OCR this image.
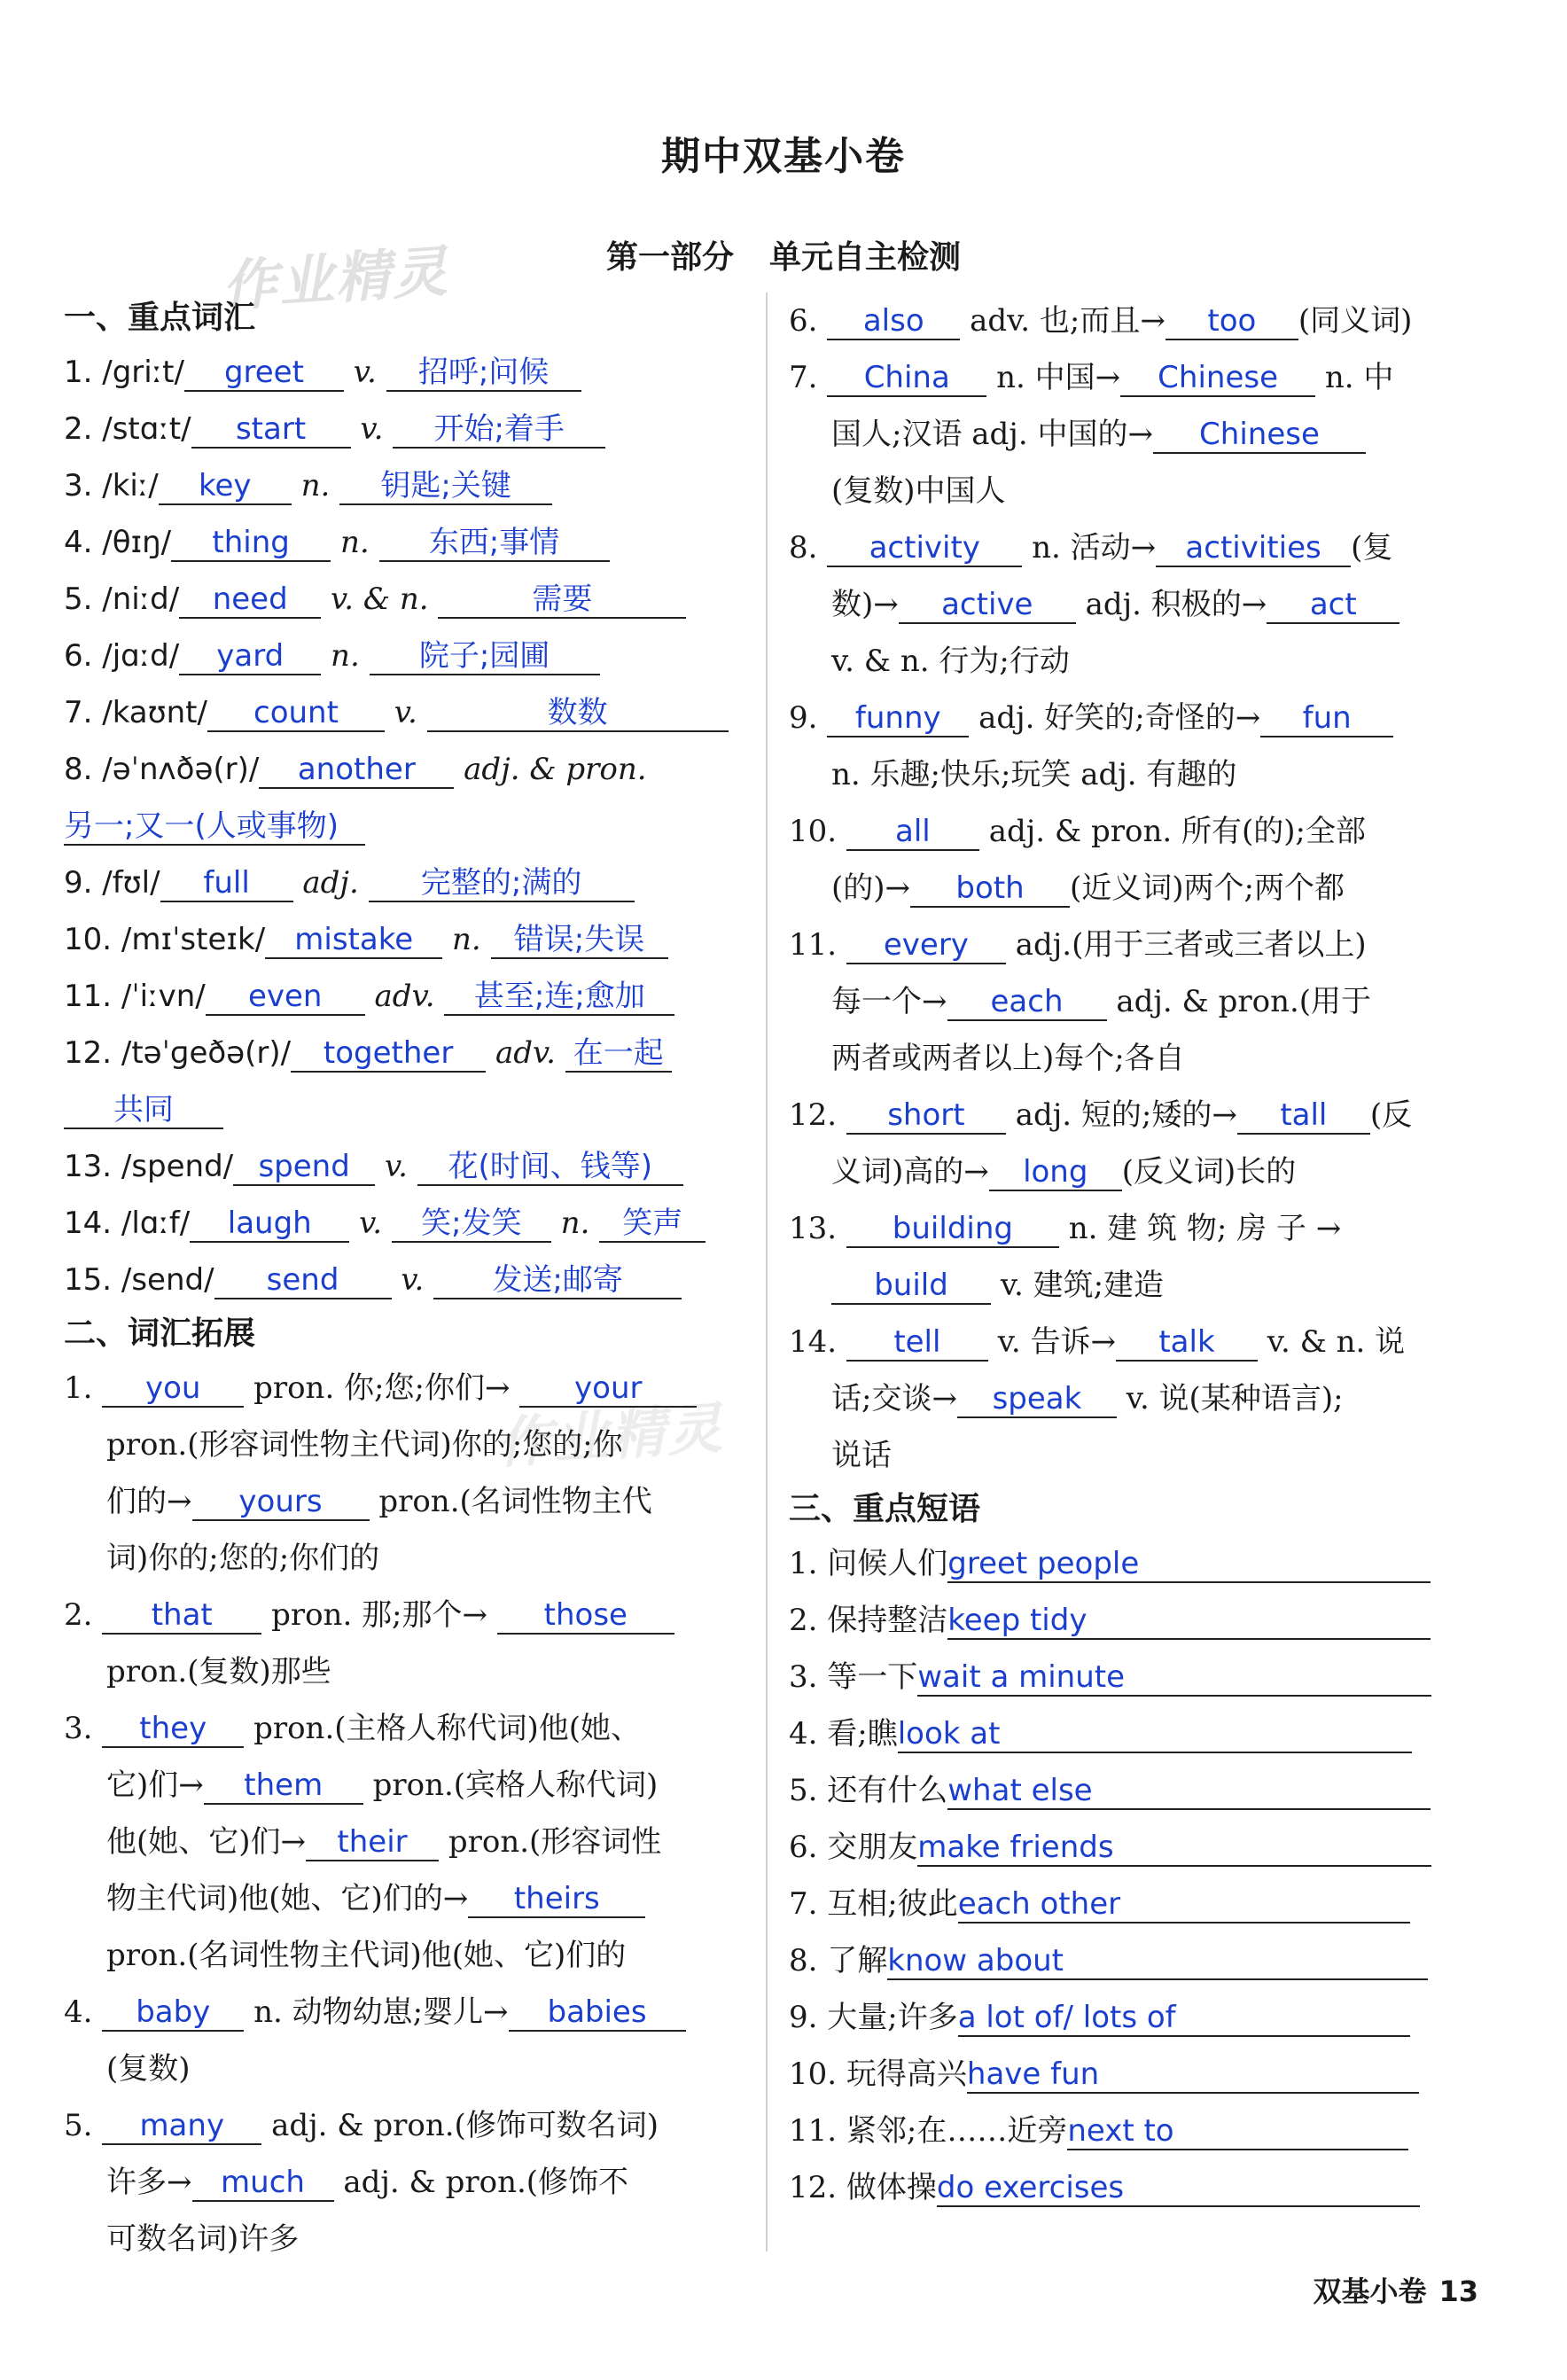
作业精灵
作业精灵
期中双基小卷
第一部分 单元自主检测
一、重点词汇
1. /griːt/ greet v. 招呼;问候
2. /stɑːt/ start v. 开始;着手
3. /kiː/ key n. 钥匙;关键
4. /θɪŋ/ thing n. 东西;事情
5. /niːd/ need v. & n.	需要
6. /jɑːd/ yard n. 院子;园圃
7. /kaʊnt/ count v.	数数
8. /əˈnʌðə(r)/ another adj. & pron.
另一;又一(人或事物)
9. /fʊl/ full adj. 完整的;满的
10. /mɪˈsteɪk/ mistake n. 错误;失误
11. /ˈiːvn/ even adv. 甚至;连;愈加
12. /təˈɡeðə(r)/ together adv. 在一起
共同
13. /spend/ spend v. 花(时间、钱等)
14. /lɑːf/ laugh v. 笑;发笑 n. 笑声
15. /send/ send v. 发送;邮寄
二、词汇拓展
1. you pron. 你;您;你们→ your
pron.(形容词性物主代词)你的;您的;你
们的→ yours pron.(名词性物主代
词)你的;您的;你们的
2. that pron. 那;那个→ those
pron.(复数)那些
3. they pron.(主格人称代词)他(她、
它)们→ them pron.(宾格人称代词)
他(她、它)们→ their pron.(形容词性
物主代词)他(她、它)们的→ theirs
pron.(名词性物主代词)他(她、它)们的
4. baby n. 动物幼崽;婴儿→ babies
(复数)
5. many adj. & pron.(修饰可数名词)
许多→ much adj. & pron.(修饰不
可数名词)许多
6. also adv. 也;而且→ too (同义词)
7. China n. 中国→ Chinese n. 中
国人;汉语 adj. 中国的→ Chinese
(复数)中国人
8. activity n. 活动→ activities (复
数)→ active adj. 积极的→ act
v. & n. 行为;行动
9. funny adj. 好笑的;奇怪的→ fun
n. 乐趣;快乐;玩笑 adj. 有趣的
10. all adj. & pron. 所有(的);全部
(的)→ both (近义词)两个;两个都
11. every adj.(用于三者或三者以上)
每一个→ each adj. & pron.(用于
两者或两者以上)每个;各自
12. short adj. 短的;矮的→ tall (反
义词)高的→ long (反义词)长的
13. building n. 建 筑 物; 房 子 →
build v. 建筑;建造
14. tell v. 告诉→ talk v. & n. 说
话;交谈→ speak v. 说(某种语言);
说话
三、重点短语
1. 问候人们greet people
2. 保持整洁keep tidy
3. 等一下wait a minute
4. 看;瞧look at
5. 还有什么what else
6. 交朋友make friends
7. 互相;彼此each other
8. 了解know about
9. 大量;许多a lot of/ lots of
10. 玩得高兴have fun
11. 紧邻;在……近旁next to
12. 做体操do exercises
双基小卷 13
